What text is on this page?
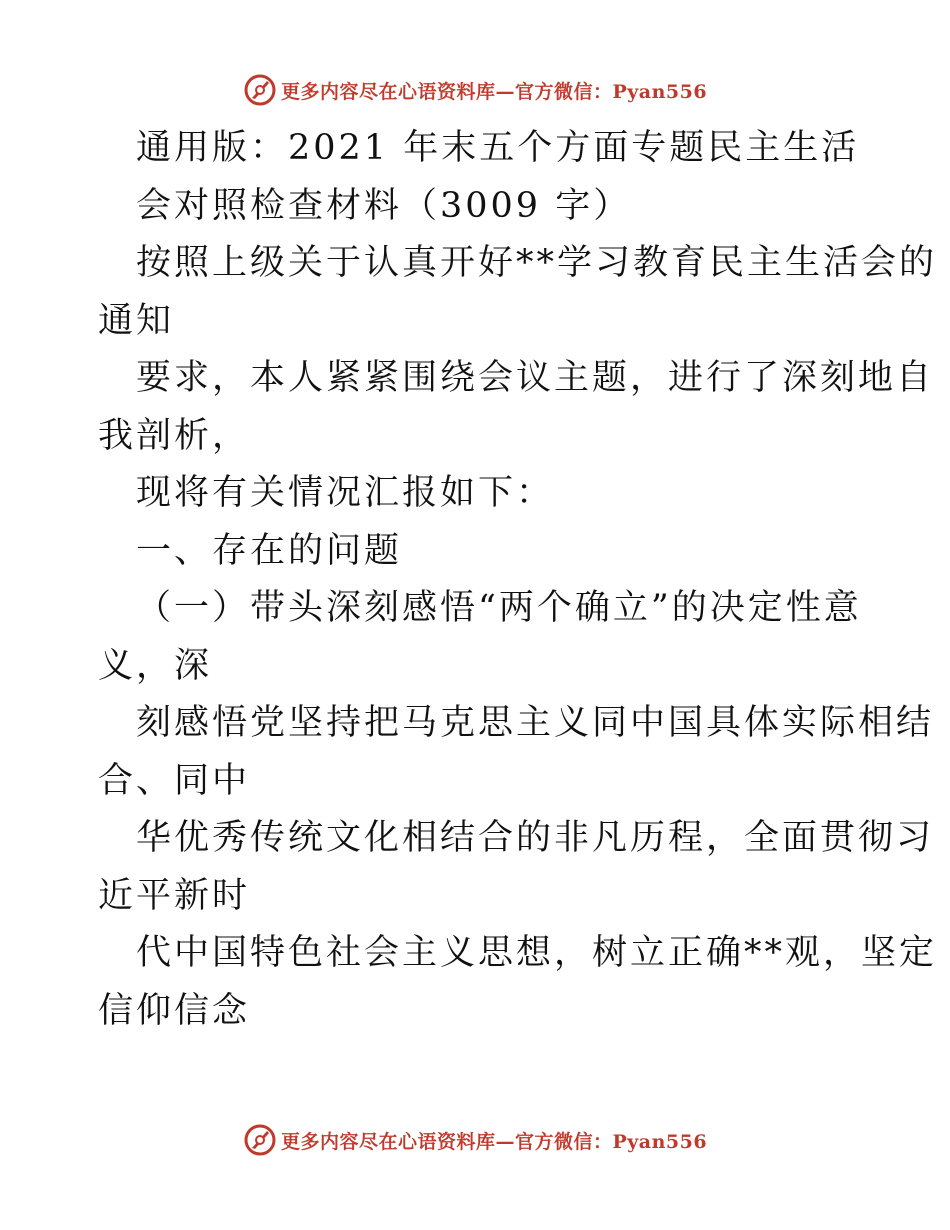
更多内容尽在心语资料库—官方微信：Pyan556
通用版：2021 年末五个方面专题民主生活
会对照检查材料（3009 字）
按照上级关于认真开好**学习教育民主生活会的
通知
要求，本人紧紧围绕会议主题，进行了深刻地自
我剖析，
现将有关情况汇报如下：
一、存在的问题
（一）带头深刻感悟“两个确立”的决定性意
义，深
刻感悟党坚持把马克思主义同中国具体实际相结
合、同中
华优秀传统文化相结合的非凡历程，全面贯彻习
近平新时
代中国特色社会主义思想，树立正确**观，坚定
信仰信念
更多内容尽在心语资料库—官方微信：Pyan556
